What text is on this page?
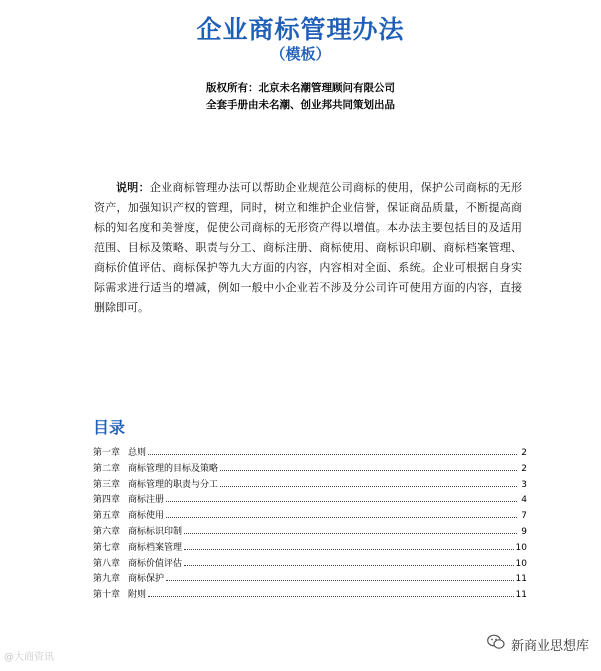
企业商标管理办法
（模板）
版权所有：北京未名潮管理顾问有限公司
全套手册由未名潮、创业邦共同策划出品
说明：企业商标管理办法可以帮助企业规范公司商标的使用，保护公司商标的无形资产，加强知识产权的管理，同时，树立和维护企业信誉，保证商品质量，不断提高商标的知名度和美誉度，促使公司商标的无形资产得以增值。本办法主要包括目的及适用范围、目标及策略、职责与分工、商标注册、商标使用、商标识印刷、商标档案管理、商标价值评估、商标保护等九大方面的内容，内容相对全面、系统。企业可根据自身实际需求进行适当的增减，例如一般中小企业若不涉及分公司许可使用方面的内容，直接删除即可。
目录
第一章 总则	2
第二章 商标管理的目标及策略	2
第三章 商标管理的职责与分工	3
第四章 商标注册	4
第五章 商标使用	7
第六章 商标标识印制	9
第七章 商标档案管理	10
第八章 商标价值评估	10
第九章 商标保护	11
第十章 附则	11
@大商资讯
新商业思想库
